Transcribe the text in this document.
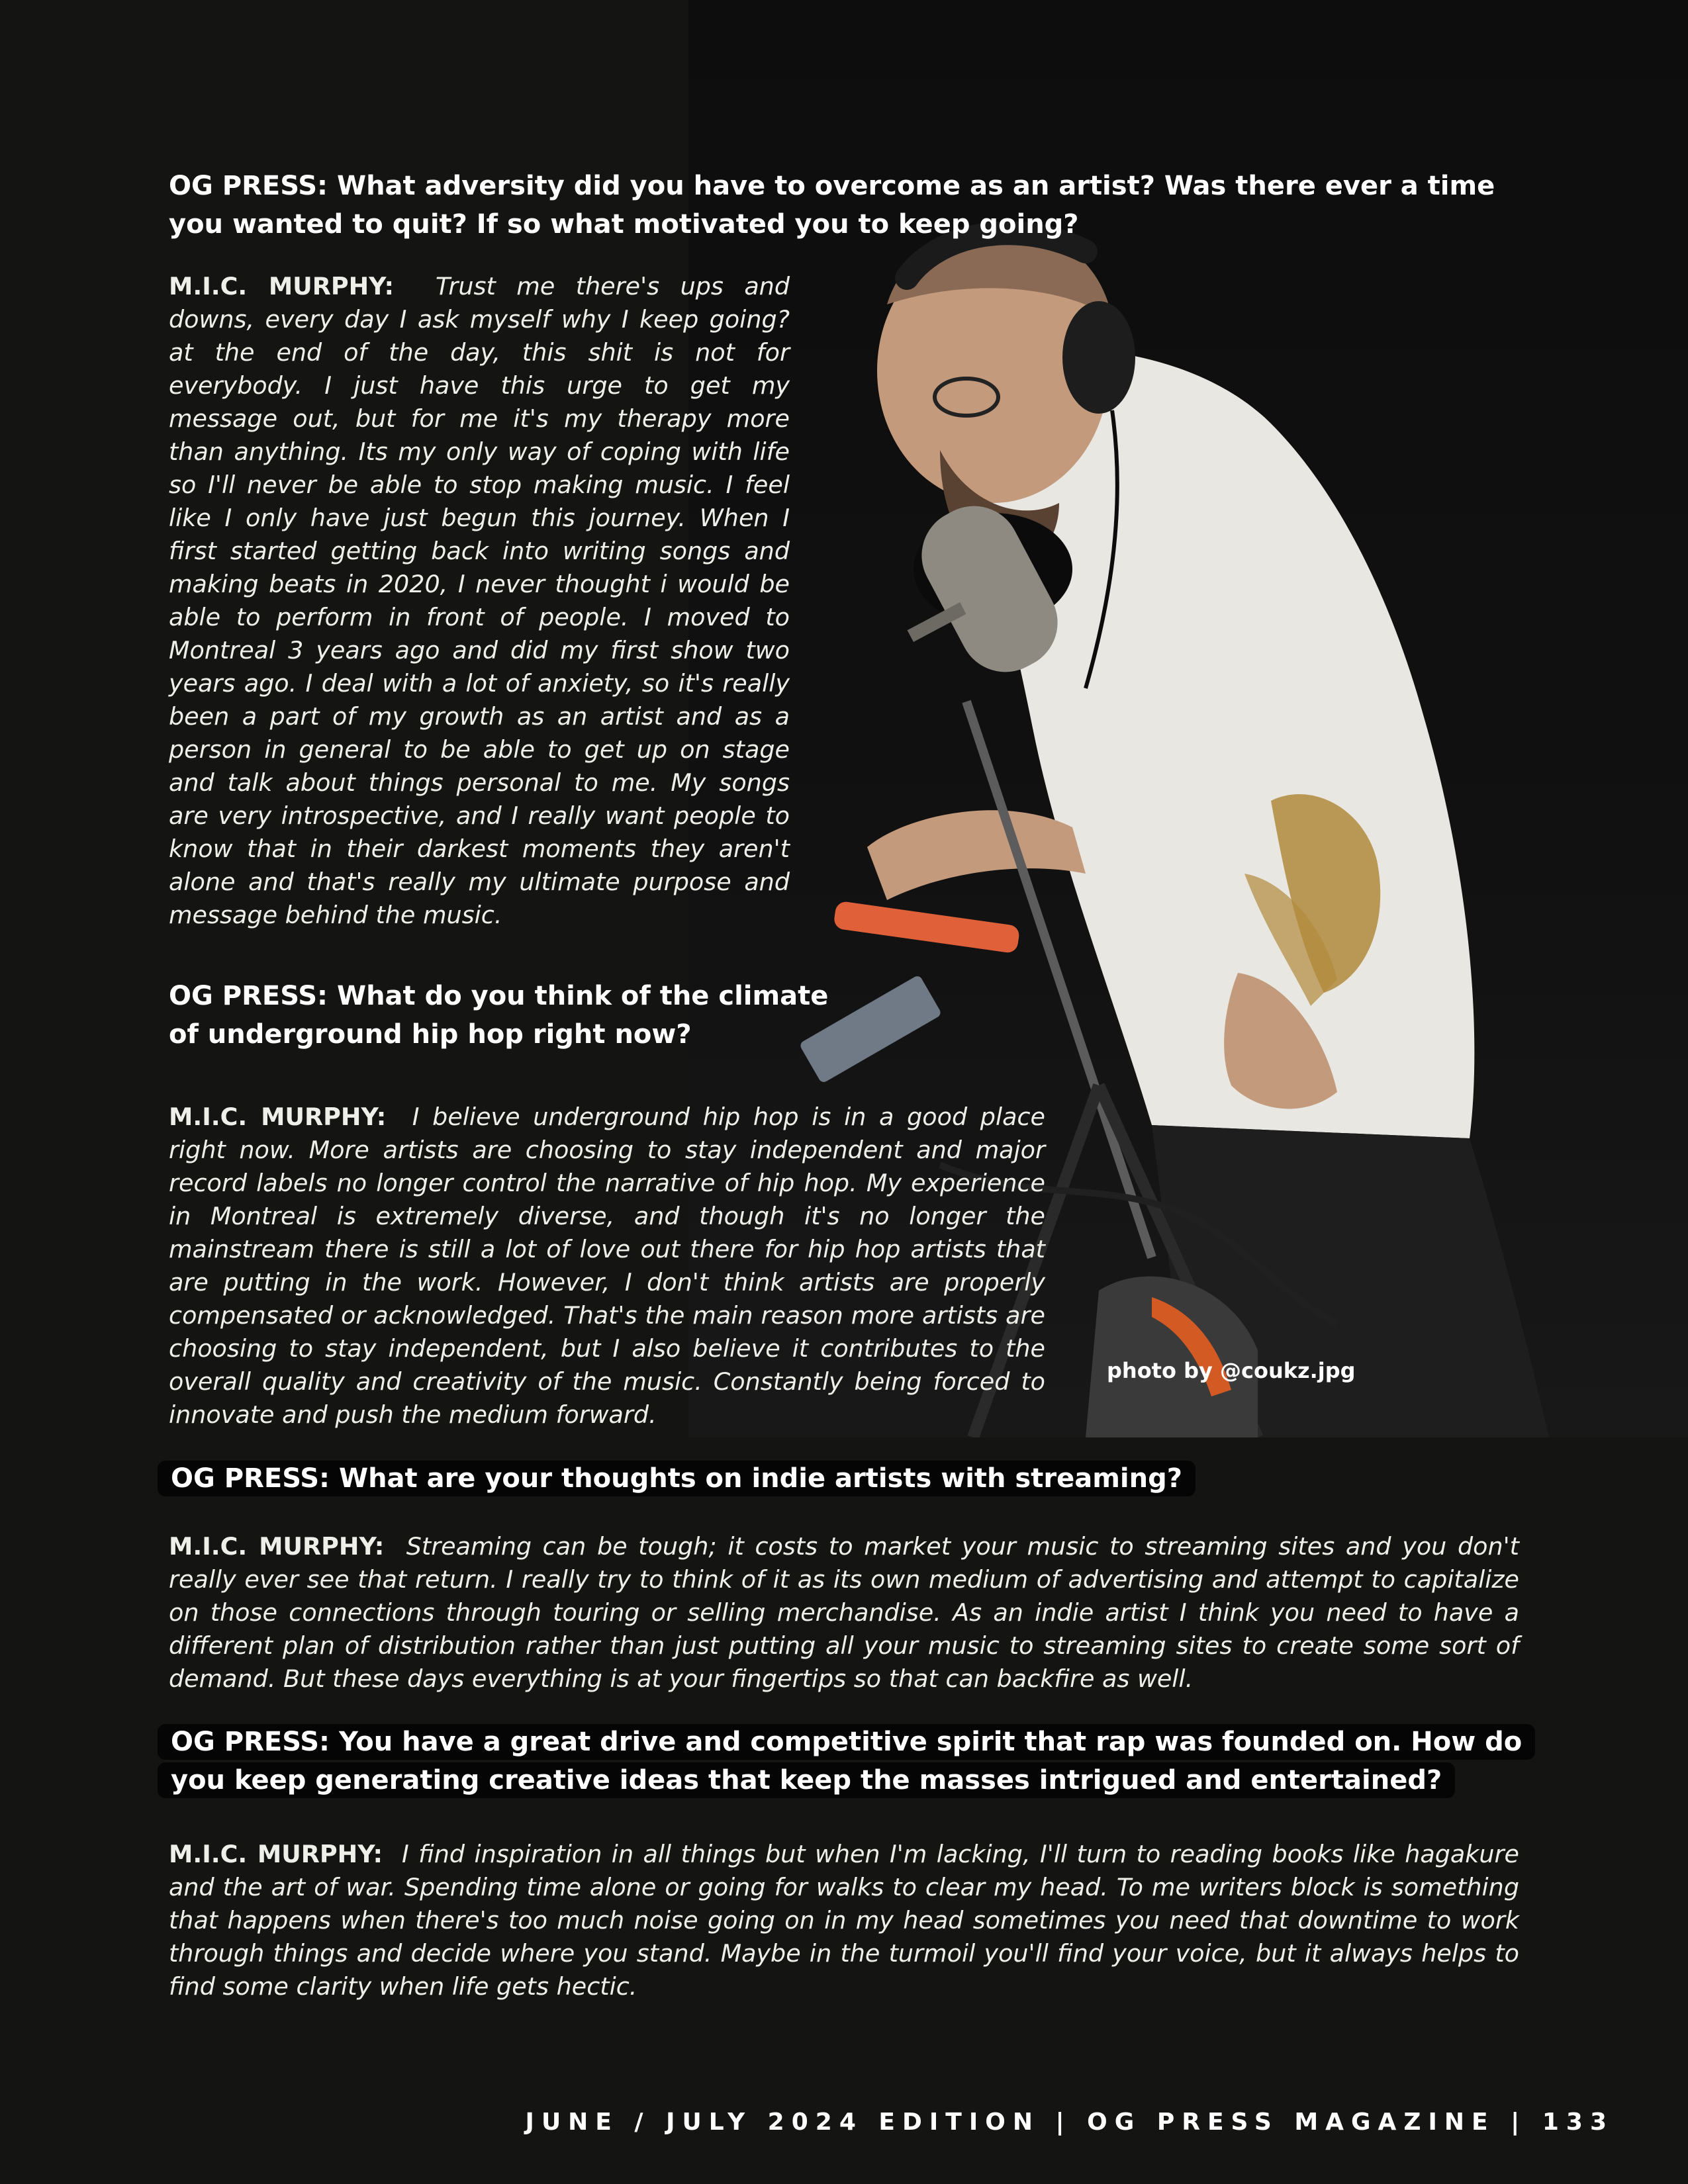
OG PRESS: What adversity did you have to overcome as an artist? Was there ever a time you wanted to quit? If so what motivated you to keep going?
M.I.C. MURPHY: Trust me there's ups and downs, every day I ask myself why I keep going? at the end of the day, this shit is not for everybody. I just have this urge to get my message out, but for me it's my therapy more than anything. Its my only way of coping with life so I'll never be able to stop making music. I feel like I only have just begun this journey. When I first started getting back into writing songs and making beats in 2020, I never thought i would be able to perform in front of people. I moved to Montreal 3 years ago and did my first show two years ago. I deal with a lot of anxiety, so it's really been a part of my growth as an artist and as a person in general to be able to get up on stage and talk about things personal to me. My songs are very introspective, and I really want people to know that in their darkest moments they aren't alone and that's really my ultimate purpose and message behind the music.
OG PRESS: What do you think of the climate of underground hip hop right now?
M.I.C. MURPHY: I believe underground hip hop is in a good place right now. More artists are choosing to stay independent and major record labels no longer control the narrative of hip hop. My experience in Montreal is extremely diverse, and though it's no longer the mainstream there is still a lot of love out there for hip hop artists that are putting in the work. However, I don't think artists are properly compensated or acknowledged. That's the main reason more artists are choosing to stay independent, but I also believe it contributes to the overall quality and creativity of the music. Constantly being forced to innovate and push the medium forward.
photo by @coukz.jpg
OG PRESS: What are your thoughts on indie artists with streaming?
M.I.C. MURPHY: Streaming can be tough; it costs to market your music to streaming sites and you don't really ever see that return. I really try to think of it as its own medium of advertising and attempt to capitalize on those connections through touring or selling merchandise. As an indie artist I think you need to have a different plan of distribution rather than just putting all your music to streaming sites to create some sort of demand. But these days everything is at your fingertips so that can backfire as well.
OG PRESS: You have a great drive and competitive spirit that rap was founded on. How do you keep generating creative ideas that keep the masses intrigued and entertained?
M.I.C. MURPHY: I find inspiration in all things but when I'm lacking, I'll turn to reading books like hagakure and the art of war. Spending time alone or going for walks to clear my head. To me writers block is something that happens when there's too much noise going on in my head sometimes you need that downtime to work through things and decide where you stand. Maybe in the turmoil you'll find your voice, but it always helps to find some clarity when life gets hectic.
JUNE / JULY 2024 EDITION | OG PRESS MAGAZINE | 133
